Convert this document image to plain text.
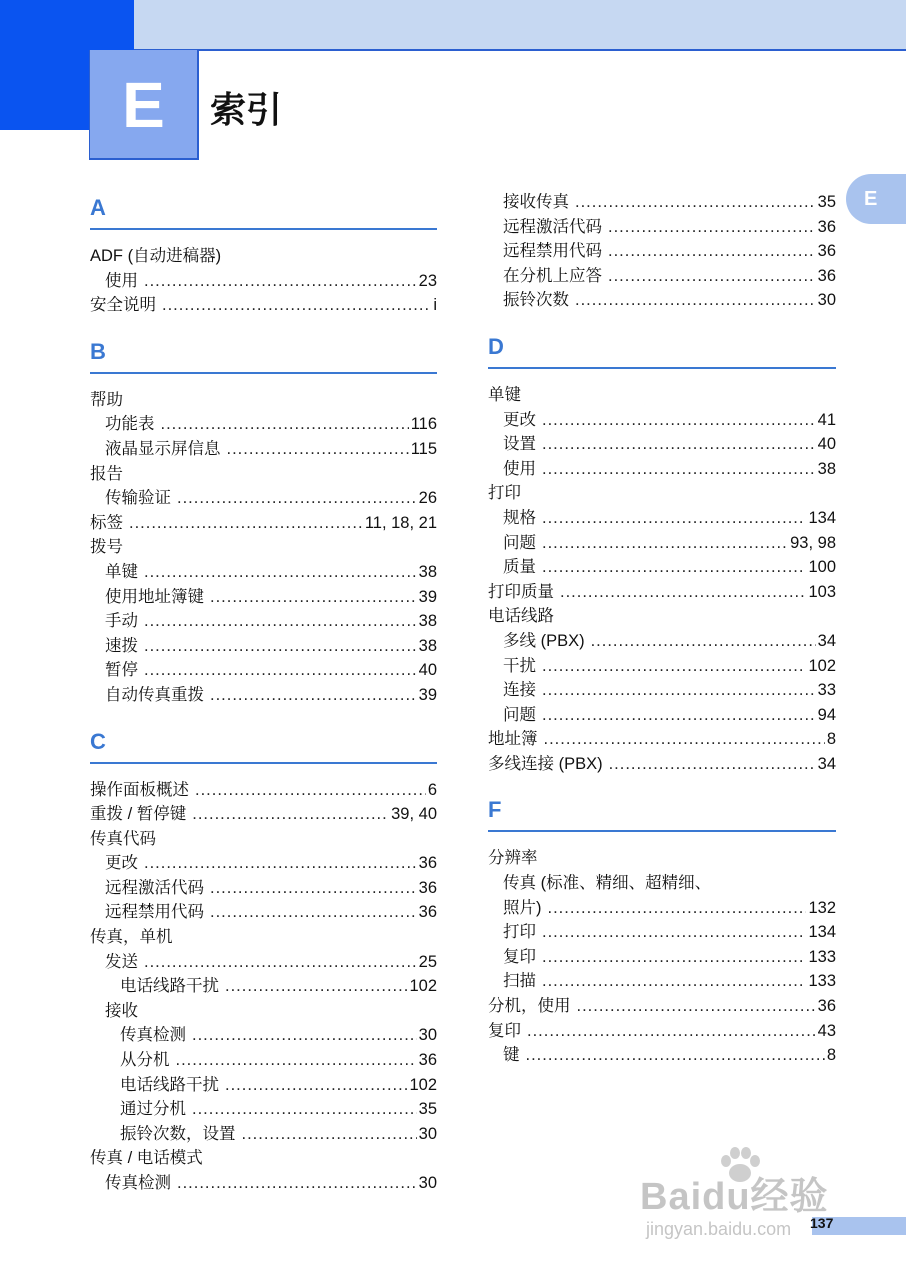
E	索引
E
A
ADF (自动进稿器)
使用 .....	23
安全说明 .....	i
B
帮助
功能表 .....	116
液晶显示屏信息 .....	115
报告
传输验证 .....	26
标签 .....	11, 18, 21
拨号
单键 .....	38
使用地址簿键 .....	39
手动 .....	38
速拨 .....	38
暂停 .....	40
自动传真重拨 .....	39
C
操作面板概述 .....	6
重拨 / 暂停键 .....	39, 40
传真代码
更改 .....	36
远程激活代码 .....	36
远程禁用代码 .....	36
传真，单机
发送 .....	25
电话线路干扰 .....	102
接收
传真检测 .....	30
从分机 .....	36
电话线路干扰 .....	102
通过分机 .....	35
振铃次数，设置 .....	30
传真 / 电话模式
传真检测 .....	30
接收传真 .....	35
远程激活代码 .....	36
远程禁用代码 .....	36
在分机上应答 .....	36
振铃次数 .....	30
D
单键
更改 .....	41
设置 .....	40
使用 .....	38
打印
规格 .....	134
问题 .....	93, 98
质量 .....	100
打印质量 .....	103
电话线路
多线 (PBX) .....	34
干扰 .....	102
连接 .....	33
问题 .....	94
地址簿 .....	8
多线连接 (PBX) .....	34
F
分辨率
传真 (标准、精细、超精细、
照片) .....	132
打印 .....	134
复印 .....	133
扫描 .....	133
分机，使用 .....	36
复印 .....	43
键 .....	8
137
Baidu经验
jingyan.baidu.com
